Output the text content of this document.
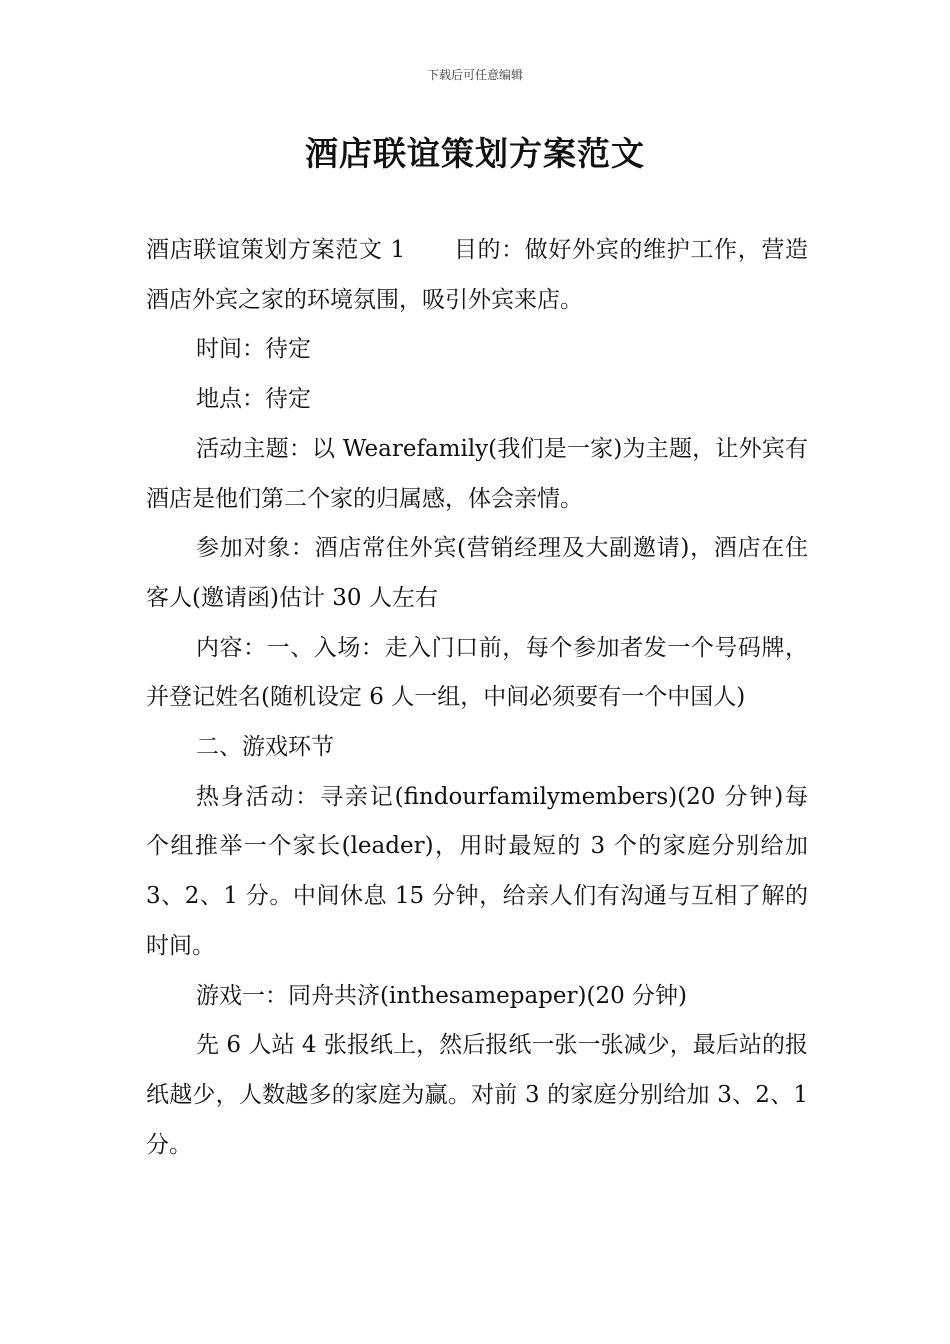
下载后可任意编辑
酒店联谊策划方案范文

酒店联谊策划方案范文 1 目的：做好外宾的维护工作，营造酒店外宾之家的环境氛围，吸引外宾来店。

时间：待定

地点：待定

活动主题：以 Wearefamily(我们是一家)为主题，让外宾有酒店是他们第二个家的归属感，体会亲情。

参加对象：酒店常住外宾(营销经理及大副邀请)，酒店在住客人(邀请函)估计 30 人左右

内容：一、入场：走入门口前，每个参加者发一个号码牌，并登记姓名(随机设定 6 人一组，中间必须要有一个中国人)

二、游戏环节

热身活动：寻亲记(findourfamilymembers)(20 分钟)每个组推举一个家长(leader)，用时最短的 3 个的家庭分别给加 3、2、1 分。中间休息 15 分钟，给亲人们有沟通与互相了解的时间。

游戏一：同舟共济(inthesamepaper)(20 分钟)

先 6 人站 4 张报纸上，然后报纸一张一张减少，最后站的报纸越少，人数越多的家庭为赢。对前 3 的家庭分别给加 3、2、1 分。
